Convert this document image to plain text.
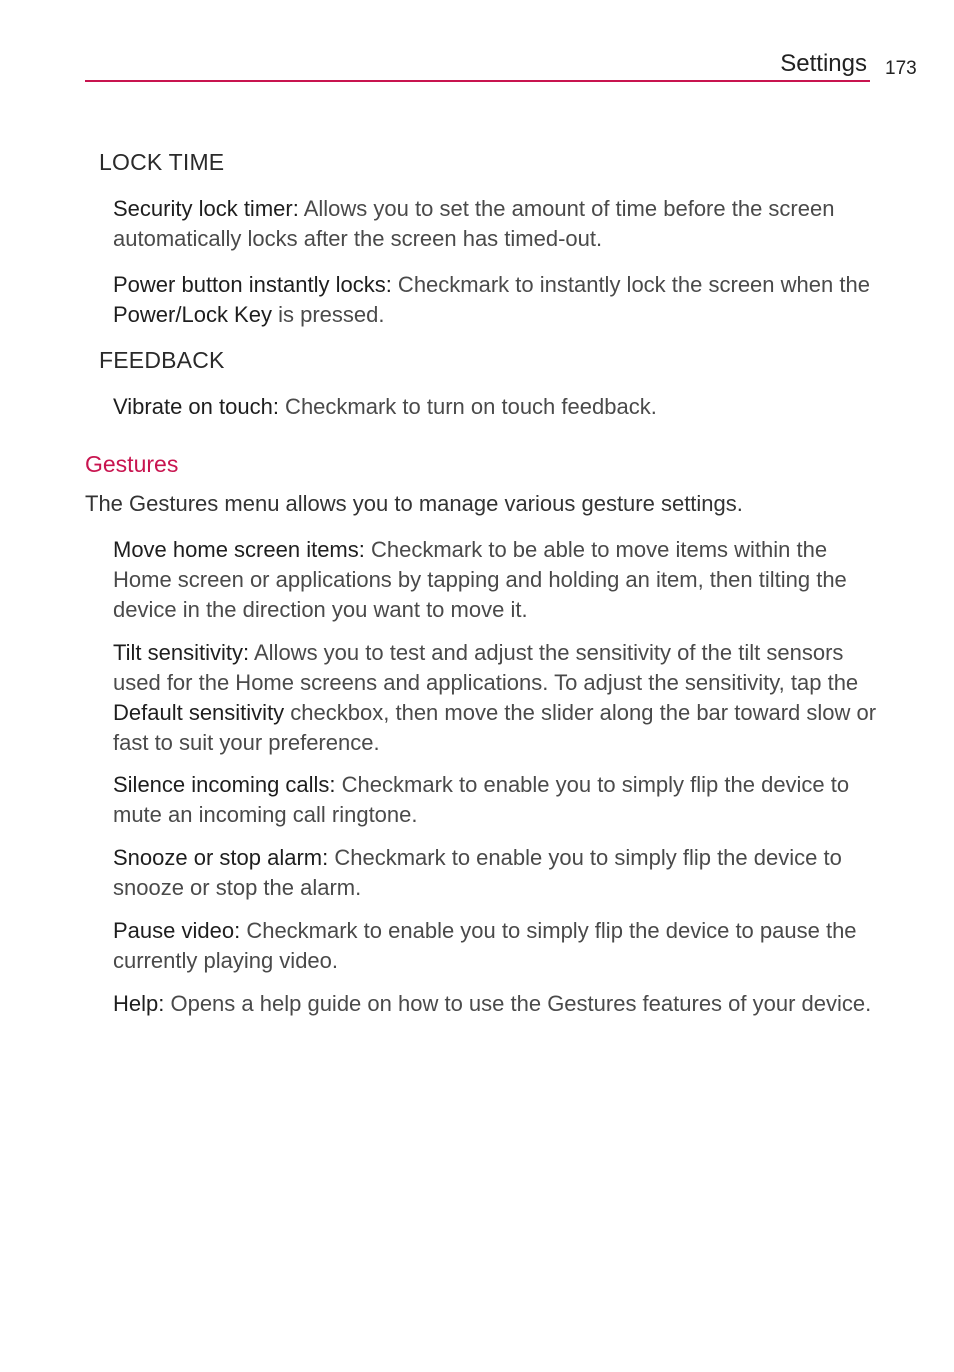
Settings 173
LOCK TIME
Security lock timer: Allows you to set the amount of time before the screen automatically locks after the screen has timed-out.
Power button instantly locks: Checkmark to instantly lock the screen when the Power/Lock Key is pressed.
FEEDBACK
Vibrate on touch: Checkmark to turn on touch feedback.
Gestures
The Gestures menu allows you to manage various gesture settings.
Move home screen items: Checkmark to be able to move items within the Home screen or applications by tapping and holding an item, then tilting the device in the direction you want to move it.
Tilt sensitivity: Allows you to test and adjust the sensitivity of the tilt sensors used for the Home screens and applications. To adjust the sensitivity, tap the Default sensitivity checkbox, then move the slider along the bar toward slow or fast to suit your preference.
Silence incoming calls: Checkmark to enable you to simply flip the device to mute an incoming call ringtone.
Snooze or stop alarm: Checkmark to enable you to simply flip the device to snooze or stop the alarm.
Pause video: Checkmark to enable you to simply flip the device to pause the currently playing video.
Help: Opens a help guide on how to use the Gestures features of your device.
